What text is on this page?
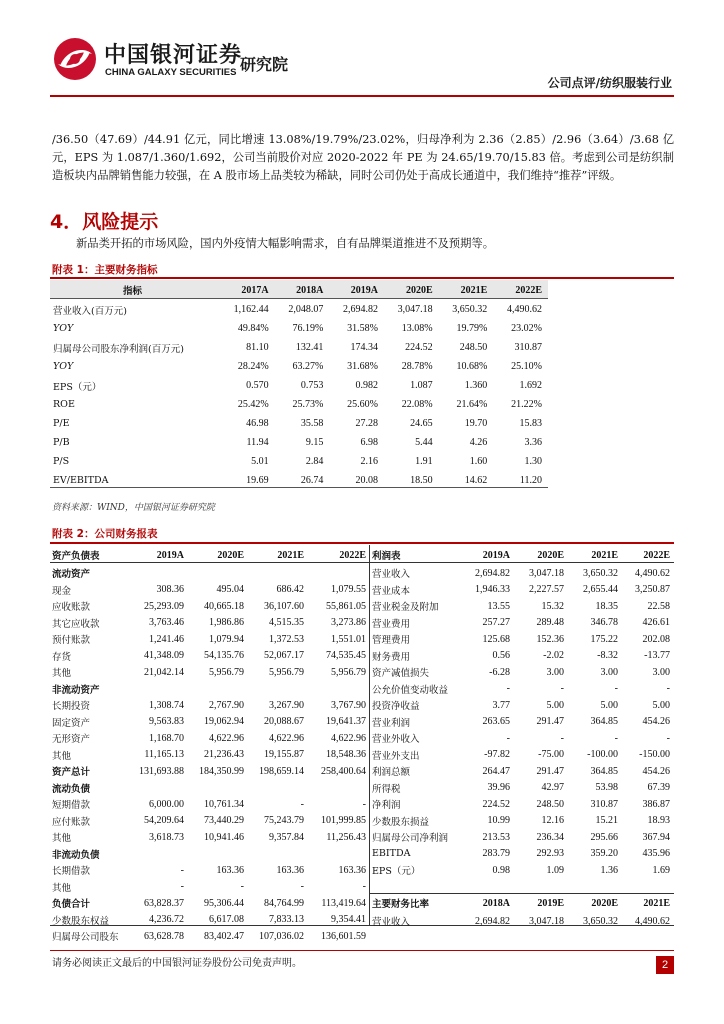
中国银河证券
CHINA GALAXY SECURITIES 研究院
公司点评/纺织服装行业
/36.50（47.69）/44.91 亿元，同比增速 13.08%/19.79%/23.02%，归母净利为 2.36（2.85）/2.96（3.64）/3.68 亿元，EPS 为 1.087/1.360/1.692，公司当前股价对应 2020-2022 年 PE 为 24.65/19.70/15.83 倍。考虑到公司是纺织制造板块内品牌销售能力较强，在 A 股市场上品类较为稀缺，同时公司仍处于高成长通道中，我们维持“推荐”评级。
4．风险提示
新品类开拓的市场风险，国内外疫情大幅影响需求，自有品牌渠道推进不及预期等。
附表 1：主要财务指标
指标	2017A	2018A	2019A	2020E	2021E	2022E
营业收入(百万元)	1,162.44	2,048.07	2,694.82	3,047.18	3,650.32	4,490.62
YOY	49.84%	76.19%	31.58%	13.08%	19.79%	23.02%
归属母公司股东净利润(百万元)	81.10	132.41	174.34	224.52	248.50	310.87
YOY	28.24%	63.27%	31.68%	28.78%	10.68%	25.10%
EPS（元）	0.570	0.753	0.982	1.087	1.360	1.692
ROE	25.42%	25.73%	25.60%	22.08%	21.64%	21.22%
P/E	46.98	35.58	27.28	24.65	19.70	15.83
P/B	11.94	9.15	6.98	5.44	4.26	3.36
P/S	5.01	2.84	2.16	1.91	1.60	1.30
EV/EBITDA	19.69	26.74	20.08	18.50	14.62	11.20
资料来源：WIND，中国银河证券研究院
附表 2：公司财务报表
资产负债表	2019A	2020E	2021E	2022E
流动资产				
现金	308.36	495.04	686.42	1,079.55
应收账款	25,293.09	40,665.18	36,107.60	55,861.05
其它应收款	3,763.46	1,986.86	4,515.35	3,273.86
预付账款	1,241.46	1,079.94	1,372.53	1,551.01
存货	41,348.09	54,135.76	52,067.17	74,535.45
其他	21,042.14	5,956.79	5,956.79	5,956.79
非流动资产				
长期投资	1,308.74	2,767.90	3,267.90	3,767.90
固定资产	9,563.83	19,062.94	20,088.67	19,641.37
无形资产	1,168.70	4,622.96	4,622.96	4,622.96
其他	11,165.13	21,236.43	19,155.87	18,548.36
资产总计	131,693.88	184,350.99	198,659.14	258,400.64
流动负债				
短期借款	6,000.00	10,761.34	-	-
应付账款	54,209.64	73,440.29	75,243.79	101,999.85
其他	3,618.73	10,941.46	9,357.84	11,256.43
非流动负债				
长期借款	-	163.36	163.36	163.36
其他	-	-	-	-
负债合计	63,828.37	95,306.44	84,764.99	113,419.64
少数股东权益	4,236.72	6,617.08	7,833.13	9,354.41
归属母公司股东	63,628.78	83,402.47	107,036.02	136,601.59
利润表	2019A	2020E	2021E	2022E
营业收入	2,694.82	3,047.18	3,650.32	4,490.62
营业成本	1,946.33	2,227.57	2,655.44	3,250.87
营业税金及附加	13.55	15.32	18.35	22.58
营业费用	257.27	289.48	346.78	426.61
管理费用	125.68	152.36	175.22	202.08
财务费用	0.56	-2.02	-8.32	-13.77
资产减值损失	-6.28	3.00	3.00	3.00
公允价值变动收益	-	-	-	-
投资净收益	3.77	5.00	5.00	5.00
营业利润	263.65	291.47	364.85	454.26
营业外收入	-	-	-	-
营业外支出	-97.82	-75.00	-100.00	-150.00
利润总额	264.47	291.47	364.85	454.26
所得税	39.96	42.97	53.98	67.39
净利润	224.52	248.50	310.87	386.87
少数股东损益	10.99	12.16	15.21	18.93
归属母公司净利润	213.53	236.34	295.66	367.94
EBITDA	283.79	292.93	359.20	435.96
EPS（元）	0.98	1.09	1.36	1.69
主要财务比率	2018A	2019E	2020E	2021E
营业收入	2,694.82	3,047.18	3,650.32	4,490.62
请务必阅读正文最后的中国银河证券股份公司免责声明。	2
